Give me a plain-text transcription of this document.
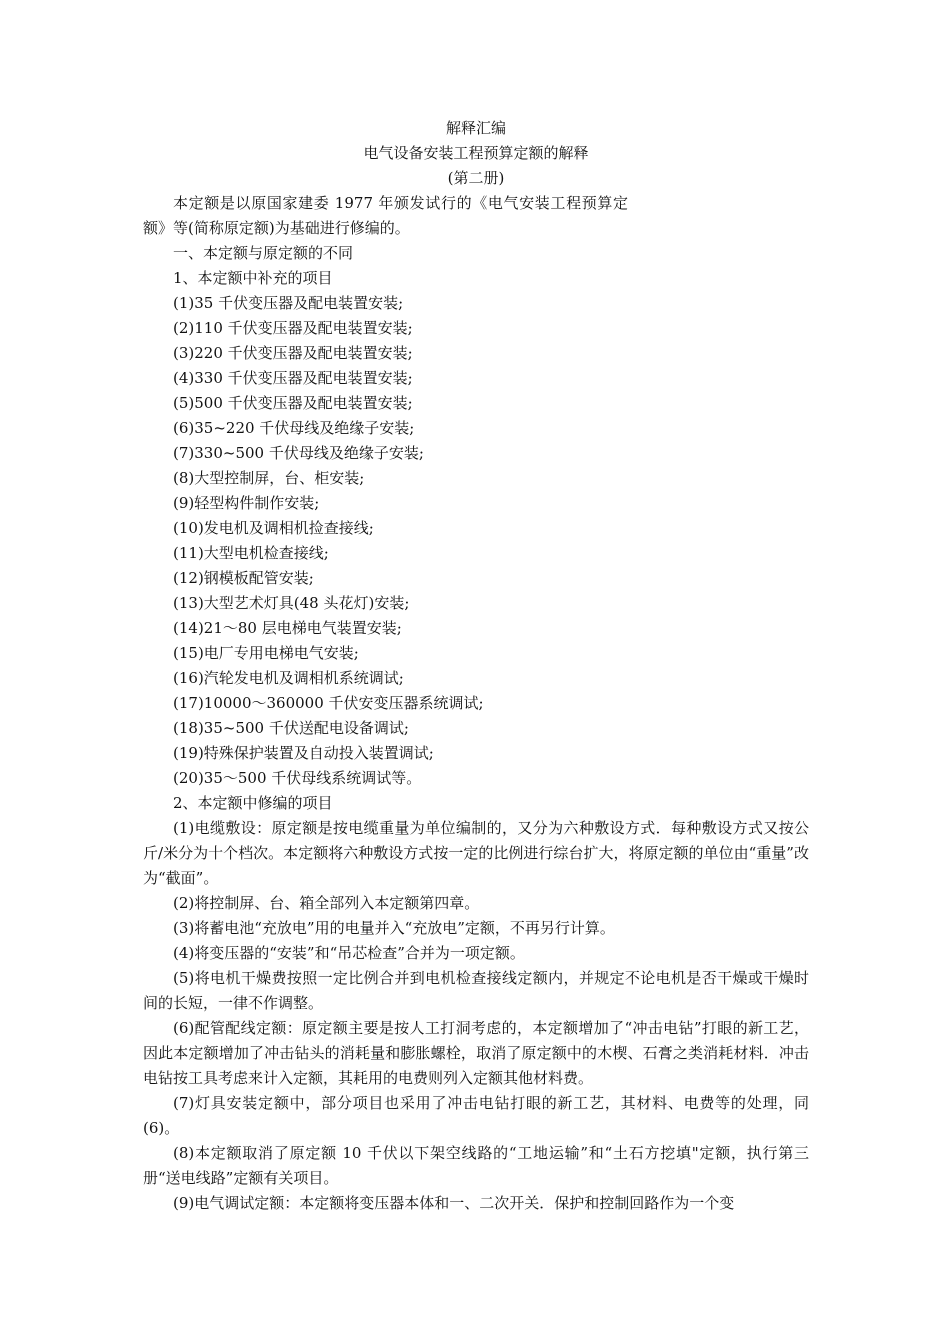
解释汇编
电气设备安装工程预算定额的解释
(第二册)

本定额是以原国家建委 1977 年颁发试行的《电气安装工程预算定额》等(简称原定额)为基础进行修编的。

一、本定额与原定额的不同
1、本定额中补充的项目
(1)35 千伏变压器及配电装置安装;
(2)110 千伏变压器及配电装置安装;
(3)220 千伏变压器及配电装置安装;
(4)330 千伏变压器及配电装置安装;
(5)500 千伏变压器及配电装置安装;
(6)35~220 千伏母线及绝缘子安装;
(7)330~500 千伏母线及绝缘子安装;
(8)大型控制屏，台、柜安装;
(9)轻型构件制作安装;
(10)发电机及调相机捡查接线;
(11)大型电机检查接线;
(12)钢模板配管安装;
(13)大型艺术灯具(48 头花灯)安装;
(14)21～80 层电梯电气装置安装;
(15)电厂专用电梯电气安装;
(16)汽轮发电机及调相机系统调试;
(17)10000～360000 千伏安变压器系统调试;
(18)35~500 千伏送配电设备调试;
(19)特殊保护装置及自动投入装置调试;
(20)35～500 千伏母线系统调试等。
2、本定额中修编的项目

(1)电缆敷设：原定额是按电缆重量为单位编制的，又分为六种敷设方式．每种敷设方式又按公斤/米分为十个档次。本定额将六种敷设方式按一定的比例进行综台扩大，将原定额的单位由“重量”改为“截面”。

(2)将控制屏、台、箱全部列入本定额第四章。

(3)将蓄电池“充放电”用的电量并入“充放电”定额，不再另行计算。

(4)将变压器的“安装”和“吊芯检查”合并为一项定额。

(5)将电机干燥费按照一定比例合并到电机检查接线定额内，并规定不论电机是否干燥或干燥时间的长短，一律不作调整。

(6)配管配线定额：原定额主要是按人工打洞考虑的，本定额增加了“冲击电钻”打眼的新工艺，因此本定额增加了冲击钻头的消耗量和膨胀螺栓，取消了原定额中的木楔、石膏之类消耗材料．冲击电钻按工具考虑来计入定额，其耗用的电费则列入定额其他材料费。

(7)灯具安装定额中，部分项目也采用了冲击电钻打眼的新工艺，其材料、电费等的处理，同(6)。

(8)本定额取消了原定额 10 千伏以下架空线路的“工地运输”和“土石方挖填"定额，执行第三册“送电线路”定额有关项目。

(9)电气调试定额：本定额将变压器本体和一、二次开关．保护和控制回路作为一个变
